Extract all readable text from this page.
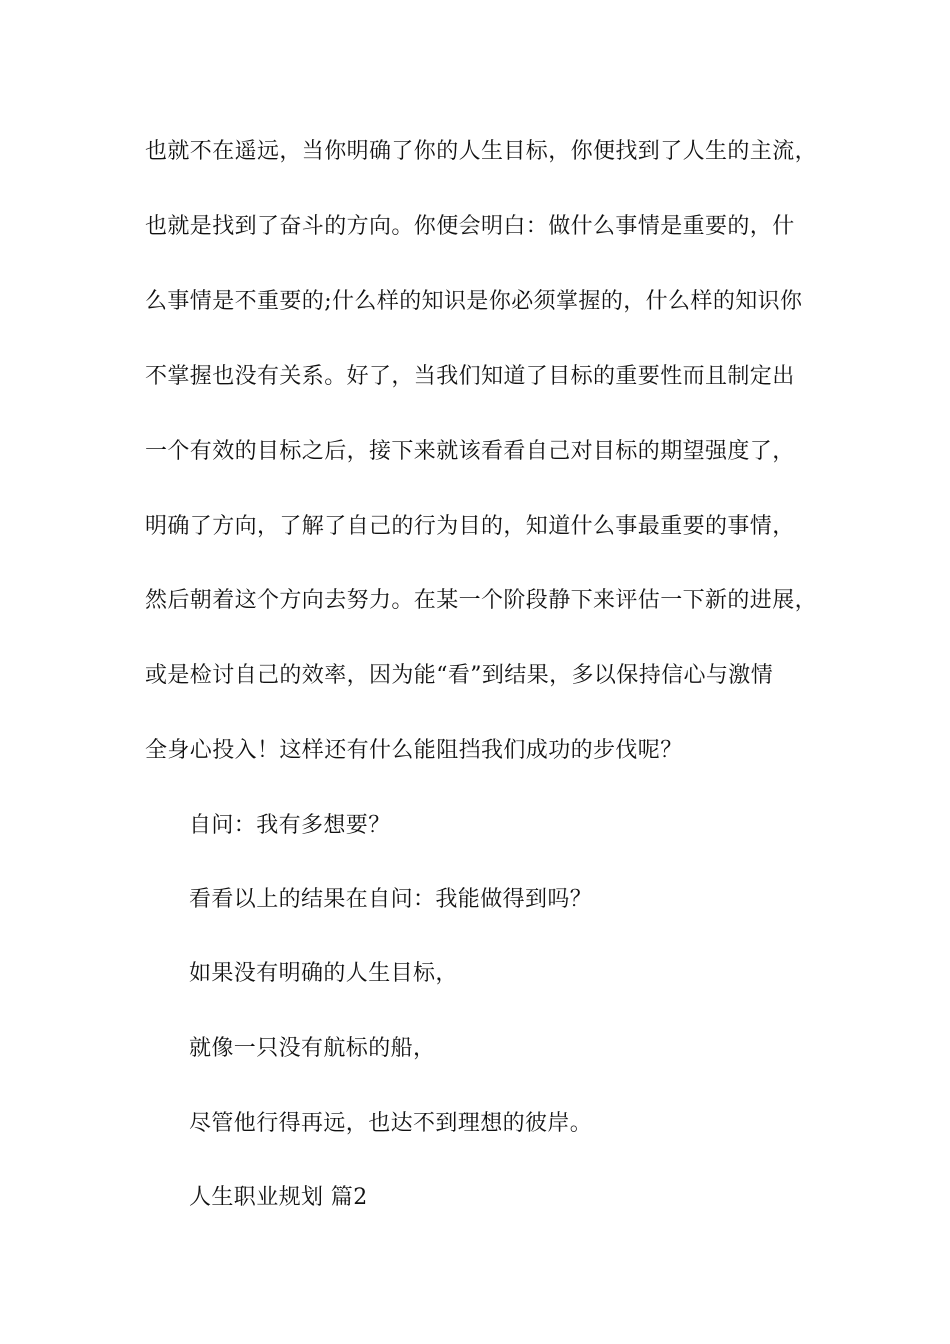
也就不在遥远，当你明确了你的人生目标，你便找到了人生的主流，
也就是找到了奋斗的方向。你便会明白：做什么事情是重要的，什
么事情是不重要的;什么样的知识是你必须掌握的，什么样的知识你
不掌握也没有关系。好了，当我们知道了目标的重要性而且制定出
一个有效的目标之后，接下来就该看看自己对目标的期望强度了，
明确了方向，了解了自己的行为目的，知道什么事最重要的事情，
然后朝着这个方向去努力。在某一个阶段静下来评估一下新的进展，
或是检讨自己的效率，因为能“看”到结果，多以保持信心与激情
全身心投入！这样还有什么能阻挡我们成功的步伐呢？
自问：我有多想要？
看看以上的结果在自问：我能做得到吗？
如果没有明确的人生目标，
就像一只没有航标的船，
尽管他行得再远，也达不到理想的彼岸。
人生职业规划 篇2
